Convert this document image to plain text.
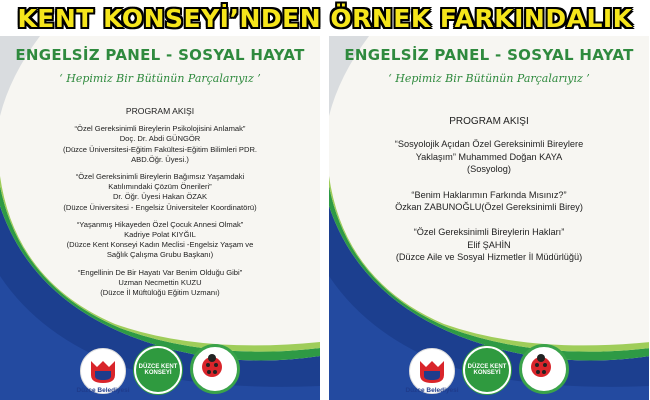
KENT KONSEYİ’NDEN ÖRNEK FARKINDALIK
ENGELSİZ PANEL - SOSYAL HAYAT
‘ Hepimiz Bir Bütünün Parçalarıyız ’
PROGRAM AKIŞI
“Özel Gereksinimli Bireylerin Psikolojisini Anlamak”
Doç. Dr. Abdi GÜNGÖR
(Düzce Üniversitesi-Eğitim Fakültesi-Eğitim Bilimleri PDR.
ABD.Öğr. Üyesi.)
“Özel Gereksinimli Bireylerin Bağımsız Yaşamdaki
Katılımındaki Çözüm Önerileri”
Dr. Öğr. Üyesi Hakan ÖZAK
(Düzce Üniversitesi - Engelsiz Üniversiteler Koordinatörü)
“Yaşanmış Hikayeden Özel Çocuk Annesi Olmak”
Kadriye Polat KIYĞIL
(Düzce Kent Konseyi Kadın Meclisi -Engelsiz Yaşam ve
Sağlık Çalışma Grubu Başkanı)
“Engellinin De Bir Hayatı Var Benim Olduğu Gibi”
Uzman Necmettin KUZU
(Düzce İl Müftülüğü Eğitim Uzmanı)
Düzce Belediyesi
DÜZCE KENT KONSEYİ
ENGELSİZ PANEL - SOSYAL HAYAT
‘ Hepimiz Bir Bütünün Parçalarıyız ’
PROGRAM AKIŞI
“Sosyolojik Açıdan Özel Gereksinimli Bireylere
Yaklaşım” Muhammed Doğan KAYA
(Sosyolog)
“Benim Haklarımın Farkında Mısınız?”
Özkan ZABUNOĞLU(Özel Gereksinimli Birey)
“Özel Gereksinimli Bireylerin Hakları”
Elif ŞAHİN
(Düzce Aile ve Sosyal Hizmetler İl Müdürlüğü)
Düzce Belediyesi
DÜZCE KENT KONSEYİ
